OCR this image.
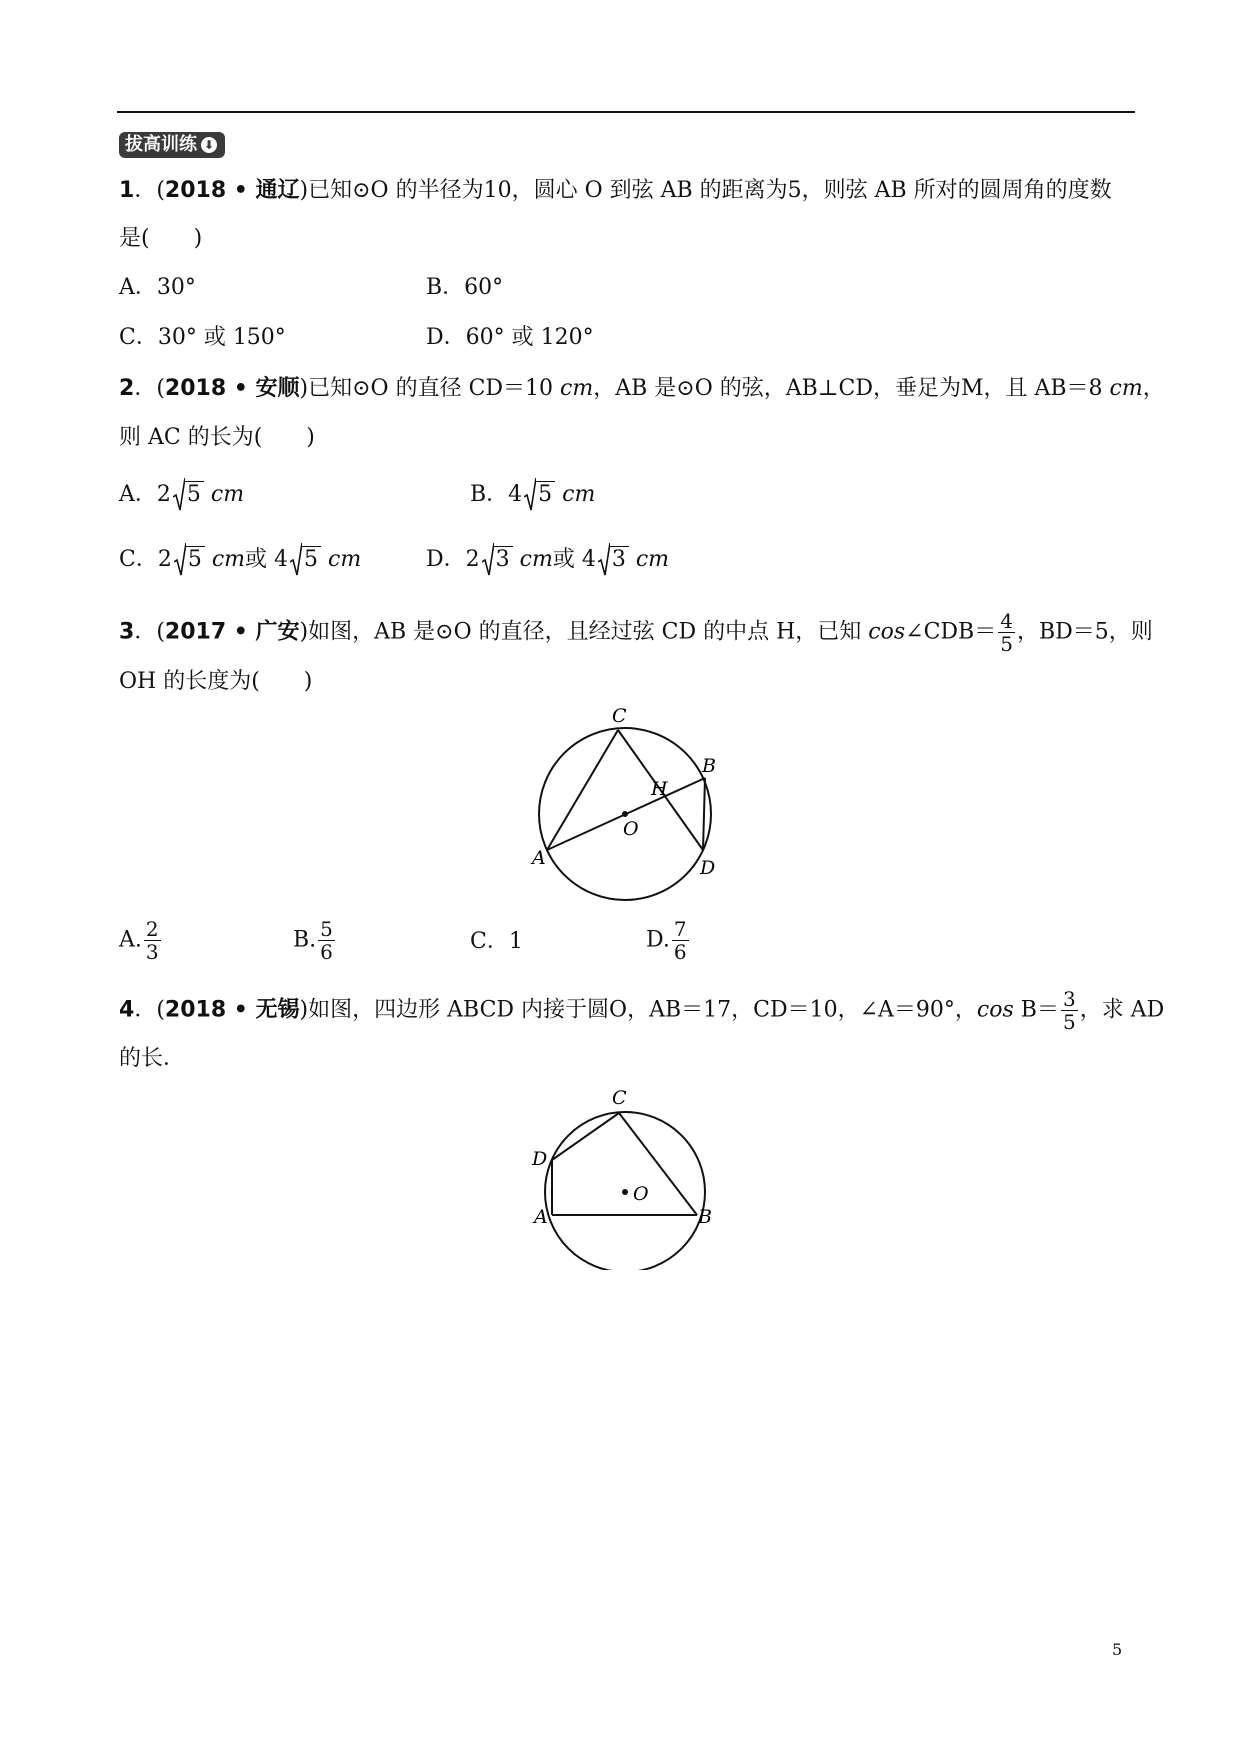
拔高训练 ⬇
1．(2018 • 通辽)已知⊙O 的半径为10，圆心 O 到弦 AB 的距离为5，则弦 AB 所对的圆周角的度数
是(　　)
A．30°	B．60°
C．30° 或 150°	D．60° 或 120°
2．(2018 • 安顺)已知⊙O 的直径 CD＝10 cm，AB 是⊙O 的弦，AB⊥CD，垂足为M，且 AB＝8 cm，
则 AC 的长为(　　)
A．2 5 cm	B．4 5 cm
C．2 5 cm或 4 5 cm	D．2 3 cm或 4 3 cm
3．(2017 • 广安)如图，AB 是⊙O 的直径，且经过弦 CD 的中点 H，已知 cos∠CDB＝ $\frac{4}{5}$ ，BD＝5，则
OH 的长度为(　　)
C
H
B
O
A	D
A. $\frac{2}{3}$	B. $\frac{5}{6}$	C．1	D. $\frac{7}{6}$
4．(2018 • 无锡)如图，四边形 ABCD 内接于圆O，AB＝17，CD＝10，∠A＝90°，$\cos B= \frac{3}{5}$ ，求 AD
的长．
C
D
O
A	B
5
